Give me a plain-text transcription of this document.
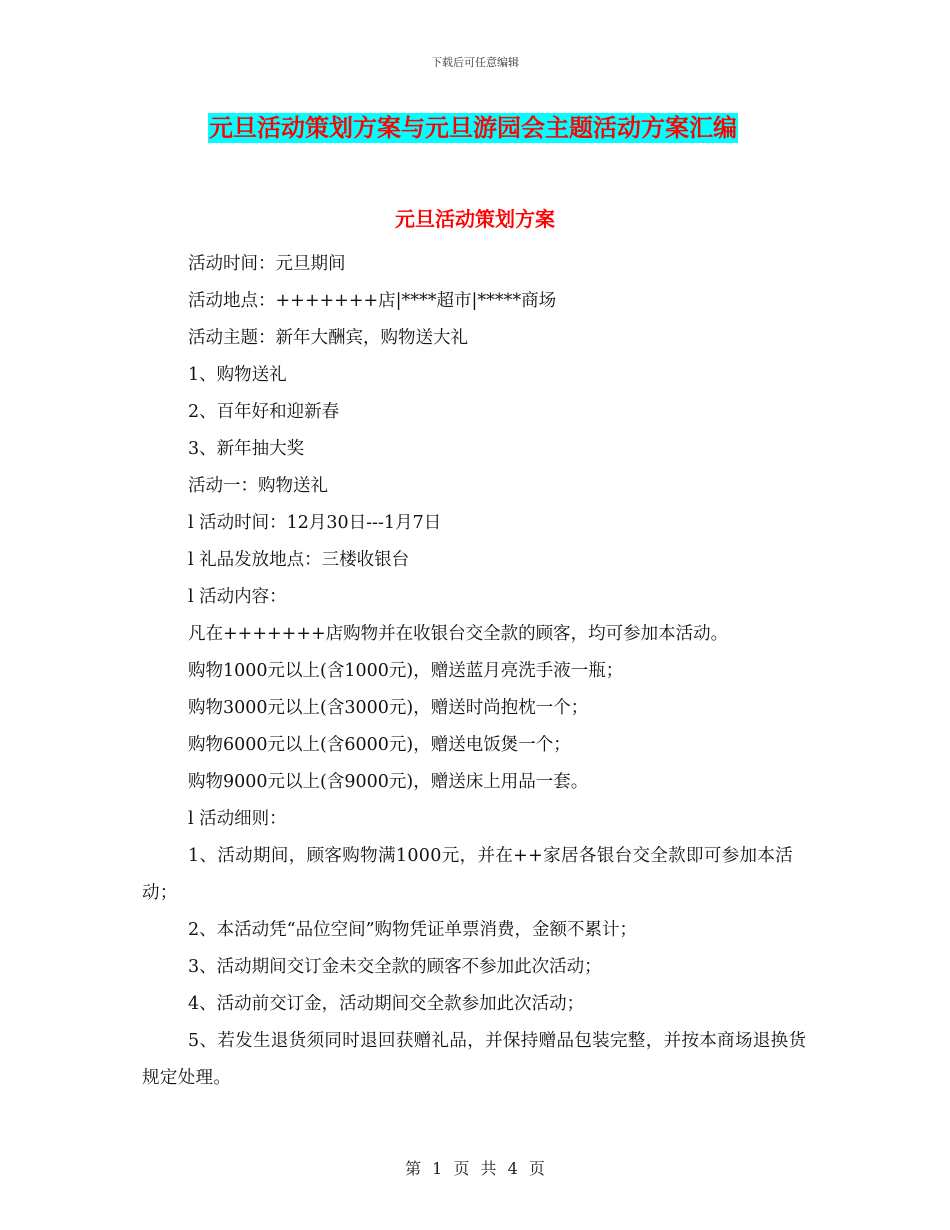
下载后可任意编辑
元旦活动策划方案与元旦游园会主题活动方案汇编
元旦活动策划方案

活动时间：元旦期间

活动地点：+++++++店|****超市|*****商场

活动主题：新年大酬宾，购物送大礼

1、购物送礼

2、百年好和迎新春

3、新年抽大奖

活动一：购物送礼

l 活动时间：12月30日---1月7日

l 礼品发放地点：三楼收银台

l 活动内容：

凡在+++++++店购物并在收银台交全款的顾客，均可参加本活动。

购物1000元以上(含1000元)，赠送蓝月亮洗手液一瓶；

购物3000元以上(含3000元)，赠送时尚抱枕一个；

购物6000元以上(含6000元)，赠送电饭煲一个；

购物9000元以上(含9000元)，赠送床上用品一套。

l 活动细则：

1、活动期间，顾客购物满1000元，并在++家居各银台交全款即可参加本活动；

2、本活动凭“品位空间”购物凭证单票消费，金额不累计；

3、活动期间交订金未交全款的顾客不参加此次活动；

4、活动前交订金，活动期间交全款参加此次活动；

5、若发生退货须同时退回获赠礼品，并保持赠品包装完整，并按本商场退换货规定处理。

第 1 页 共 4 页
